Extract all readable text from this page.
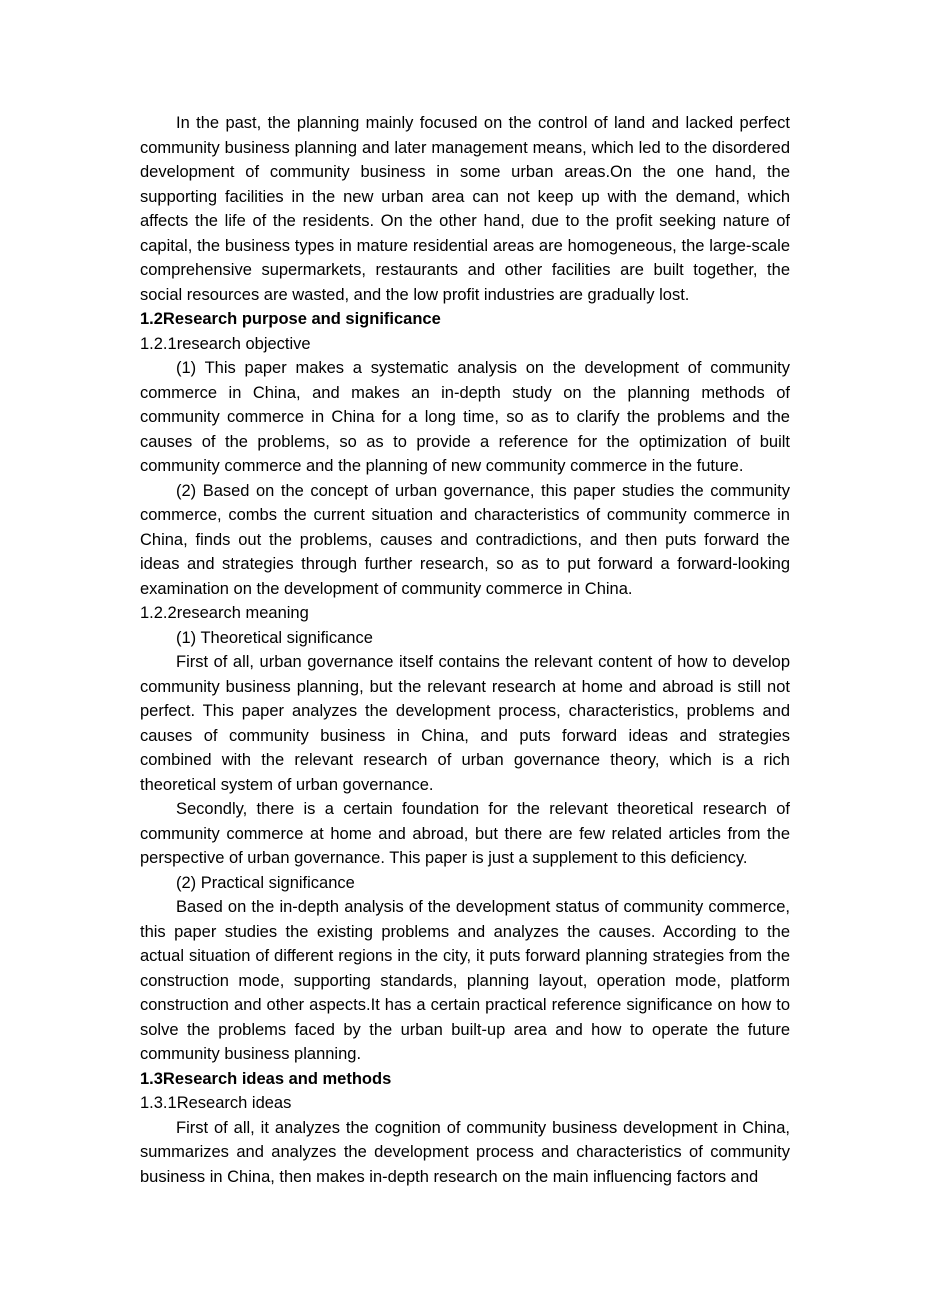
In the past, the planning mainly focused on the control of land and lacked perfect community business planning and later management means, which led to the disordered development of community business in some urban areas.On the one hand, the supporting facilities in the new urban area can not keep up with the demand, which affects the life of the residents. On the other hand, due to the profit seeking nature of capital, the business types in mature residential areas are homogeneous, the large-scale comprehensive supermarkets, restaurants and other facilities are built together, the social resources are wasted, and the low profit industries are gradually lost.

1.2Research purpose and significance

1.2.1research objective

(1) This paper makes a systematic analysis on the development of community commerce in China, and makes an in-depth study on the planning methods of community commerce in China for a long time, so as to clarify the problems and the causes of the problems, so as to provide a reference for the optimization of built community commerce and the planning of new community commerce in the future.

(2) Based on the concept of urban governance, this paper studies the community commerce, combs the current situation and characteristics of community commerce in China, finds out the problems, causes and contradictions, and then puts forward the ideas and strategies through further research, so as to put forward a forward-looking examination on the development of community commerce in China.

1.2.2research meaning

(1) Theoretical significance

First of all, urban governance itself contains the relevant content of how to develop community business planning, but the relevant research at home and abroad is still not perfect. This paper analyzes the development process, characteristics, problems and causes of community business in China, and puts forward ideas and strategies combined with the relevant research of urban governance theory, which is a rich theoretical system of urban governance.

Secondly, there is a certain foundation for the relevant theoretical research of community commerce at home and abroad, but there are few related articles from the perspective of urban governance. This paper is just a supplement to this deficiency.

(2) Practical significance

Based on the in-depth analysis of the development status of community commerce, this paper studies the existing problems and analyzes the causes. According to the actual situation of different regions in the city, it puts forward planning strategies from the construction mode, supporting standards, planning layout, operation mode, platform construction and other aspects.It has a certain practical reference significance on how to solve the problems faced by the urban built-up area and how to operate the future community business planning.

1.3Research ideas and methods

1.3.1Research ideas

First of all, it analyzes the cognition of community business development in China, summarizes and analyzes the development process and characteristics of community business in China, then makes in-depth research on the main influencing factors and
